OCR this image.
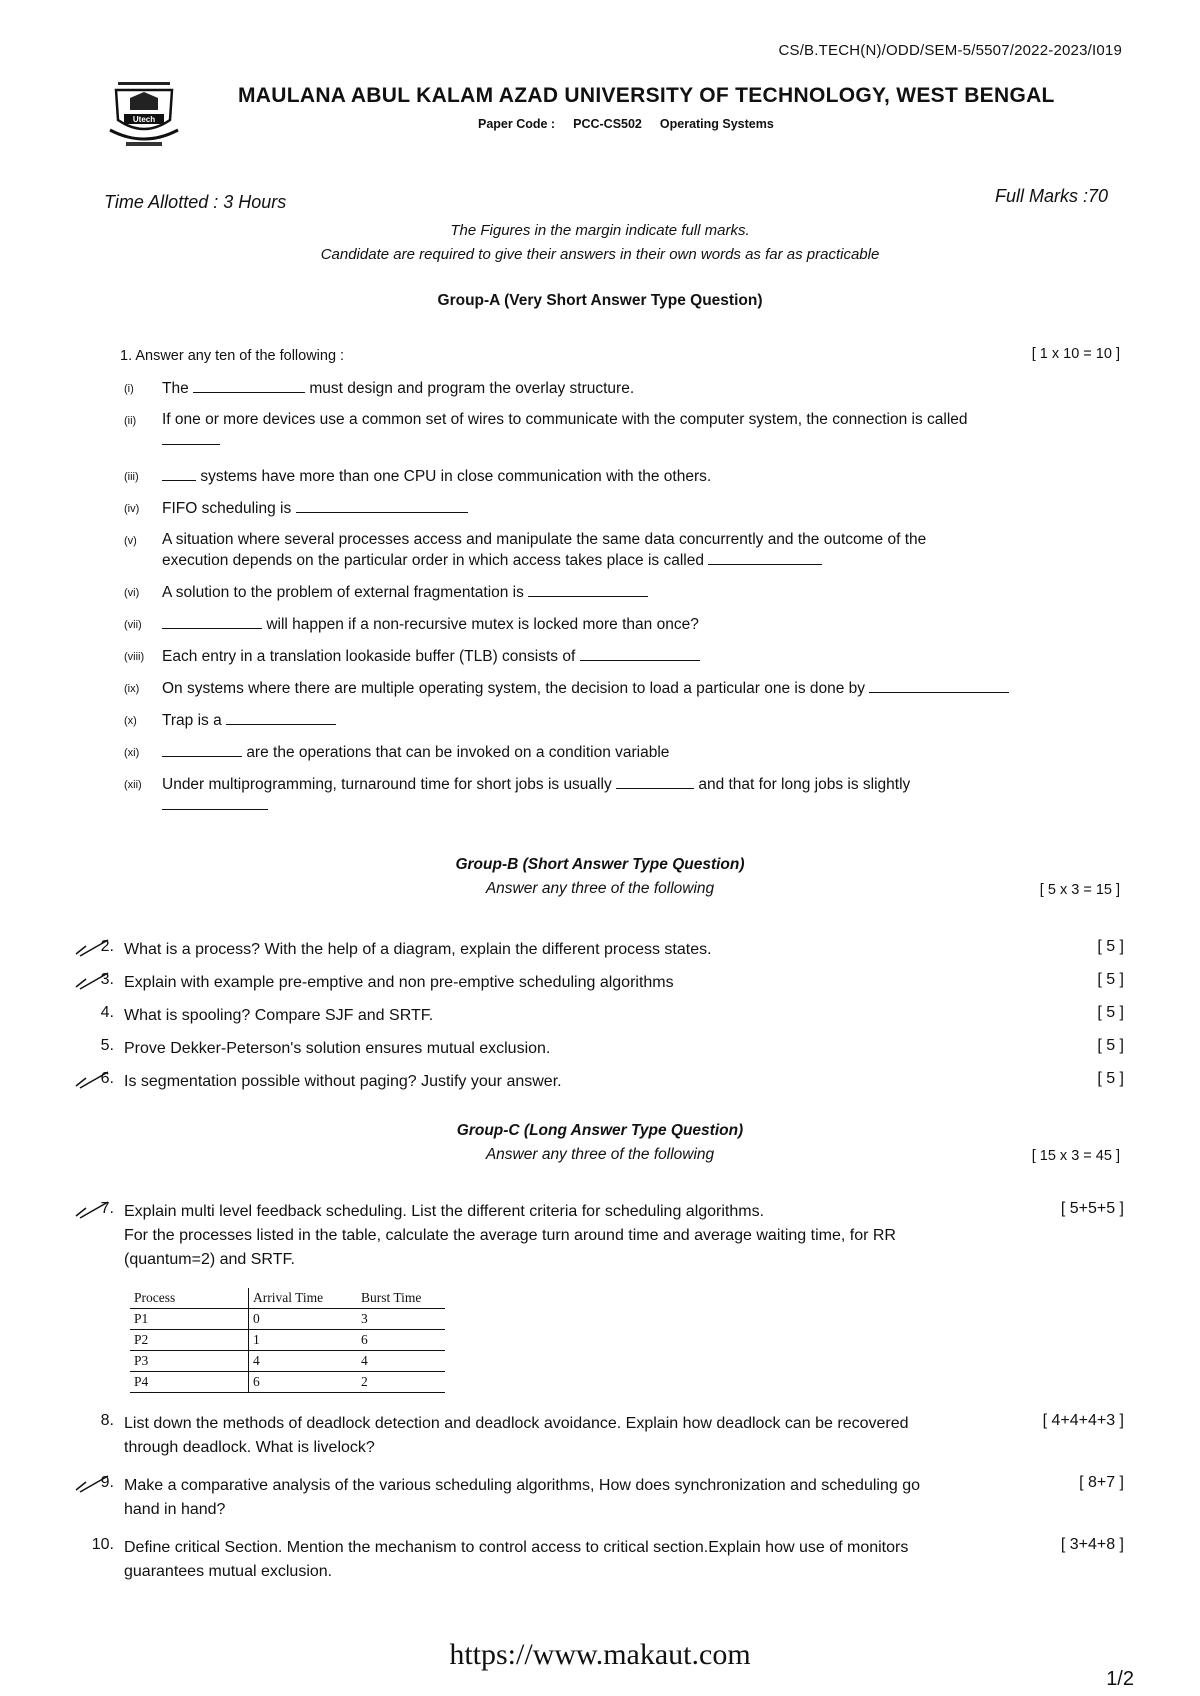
CS/B.TECH(N)/ODD/SEM-5/5507/2022-2023/I019
Utech
MAULANA ABUL KALAM AZAD UNIVERSITY OF TECHNOLOGY, WEST BENGAL
Paper Code : PCC-CS502 Operating Systems
Time Allotted : 3 Hours	Full Marks :70
The Figures in the margin indicate full marks.
Candidate are required to give their answers in their own words as far as practicable
Group-A (Very Short Answer Type Question)
1. Answer any ten of the following :	[ 1 x 10 = 10 ]
(i) The	must design and program the overlay structure.
(ii) If one or more devices use a common set of wires to communicate with the computer system, the connection is called

(iii)	systems have more than one CPU in close communication with the others.
(iv) FIFO scheduling is
(v) A situation where several processes access and manipulate the same data concurrently and the outcome of the
execution depends on the particular order in which access takes place is called
(vi) A solution to the problem of external fragmentation is
(vii)	will happen if a non-recursive mutex is locked more than once?
(viii) Each entry in a translation lookaside buffer (TLB) consists of
(ix) On systems where there are multiple operating system, the decision to load a particular one is done by
(x) Trap is a
(xi)	are the operations that can be invoked on a condition variable
(xii) Under multiprogramming, turnaround time for short jobs is usually	and that for long jobs is slightly

Group-B (Short Answer Type Question)
Answer any three of the following	[ 5 x 3 = 15 ]
2. What is a process? With the help of a diagram, explain the different process states.	[ 5 ]
3. Explain with example pre-emptive and non pre-emptive scheduling algorithms	[ 5 ]
4. What is spooling? Compare SJF and SRTF.	[ 5 ]
5. Prove Dekker-Peterson's solution ensures mutual exclusion.	[ 5 ]
6. Is segmentation possible without paging? Justify your answer.	[ 5 ]
Group-C (Long Answer Type Question)
Answer any three of the following	[ 15 x 3 = 45 ]
7. Explain multi level feedback scheduling. List the different criteria for scheduling algorithms.
For the processes listed in the table, calculate the average turn around time and average waiting time, for RR
(quantum=2) and SRTF.
[ 5+5+5 ]
Process	Arrival Time	Burst Time
P1	0	3
P2	1	6
P3	4	4
P4	6	2
8. List down the methods of deadlock detection and deadlock avoidance. Explain how deadlock can be recovered
through deadlock. What is livelock?
[ 4+4+4+3 ]
9. Make a comparative analysis of the various scheduling algorithms, How does synchronization and scheduling go
hand in hand?
[ 8+7 ]
10. Define critical Section. Mention the mechanism to control access to critical section.Explain how use of monitors
guarantees mutual exclusion.
[ 3+4+8 ]
https://www.makaut.com
1/2
